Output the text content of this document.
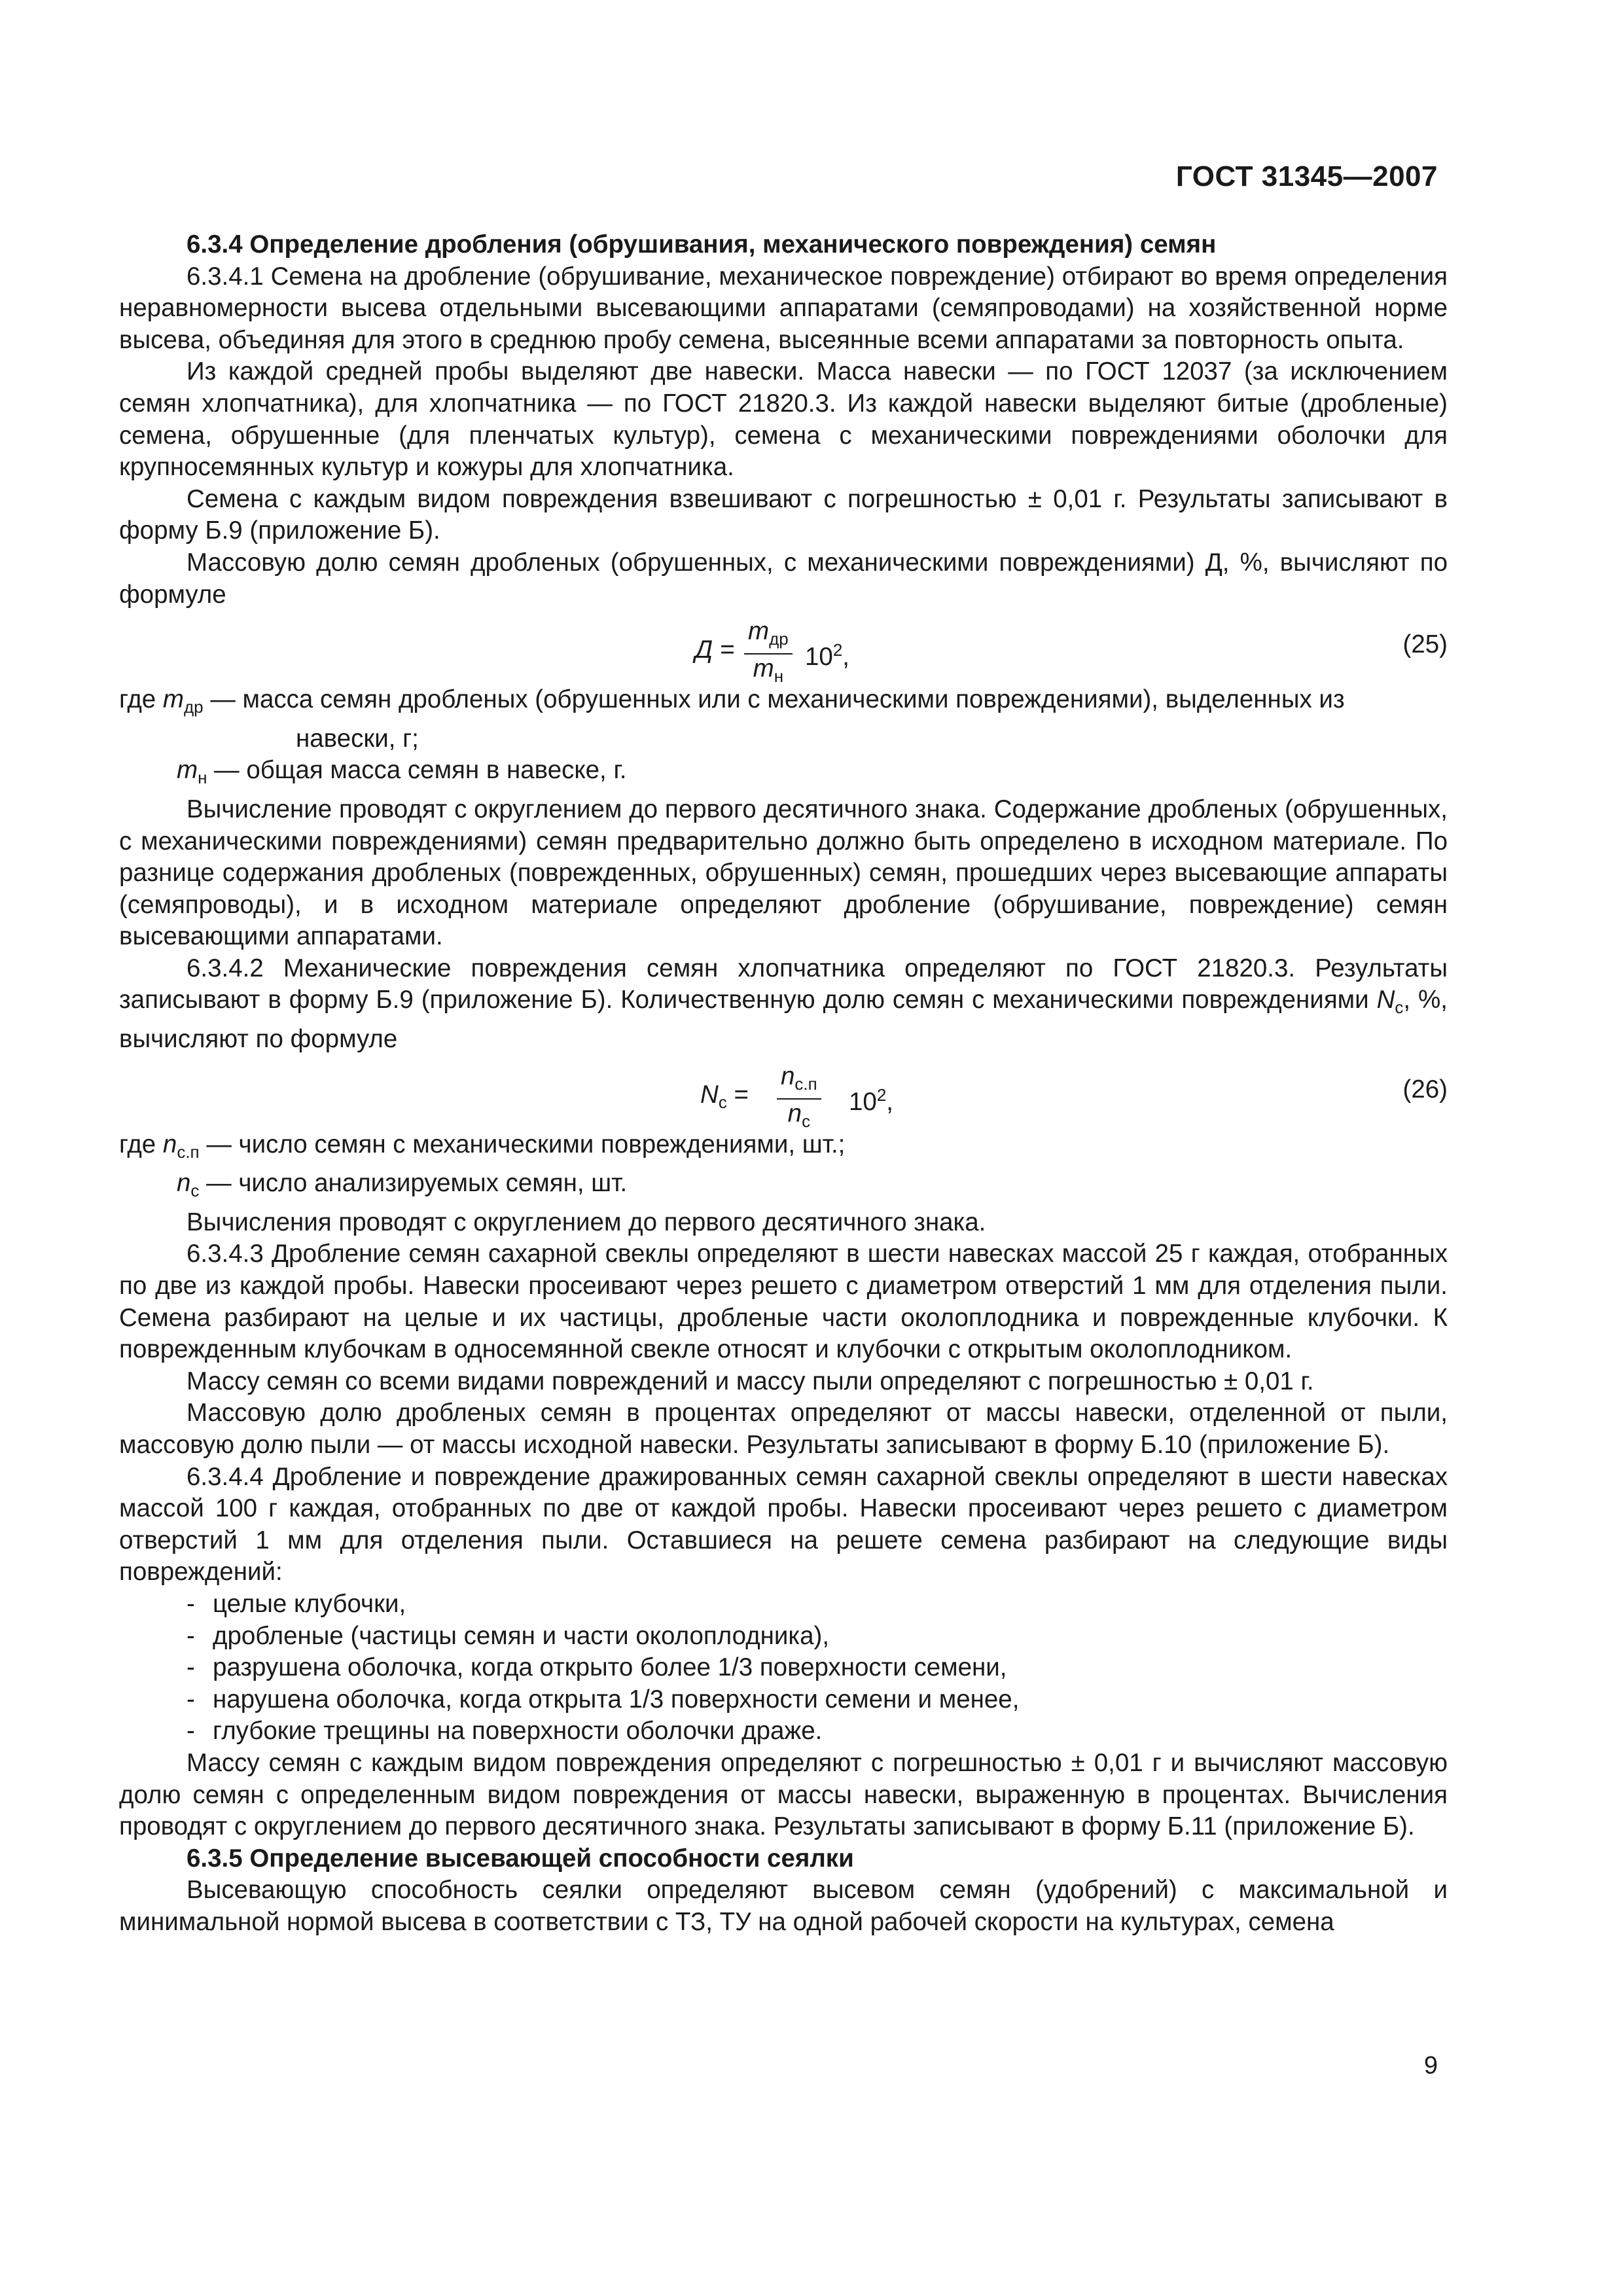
ГОСТ 31345—2007

6.3.4 Определение дробления (обрушивания, механического повреждения) семян

6.3.4.1 Семена на дробление (обрушивание, механическое повреждение) отбирают во время определения неравномерности высева отдельными высевающими аппаратами (семяпроводами) на хозяйственной норме высева, объединяя для этого в среднюю пробу семена, высеянные всеми аппаратами за повторность опыта.

Из каждой средней пробы выделяют две навески. Масса навески — по ГОСТ 12037 (за исключением семян хлопчатника), для хлопчатника — по ГОСТ 21820.3. Из каждой навески выделяют битые (дробленые) семена, обрушенные (для пленчатых культур), семена с механическими повреждениями оболочки для крупносемянных культур и кожуры для хлопчатника.

Семена с каждым видом повреждения взвешивают с погрешностью ± 0,01 г. Результаты записывают в форму Б.9 (приложение Б).

Массовую долю семян дробленых (обрушенных, с механическими повреждениями) Д, %, вычисляют по формуле

Д =
$m_{др}$
$m_н$
$10^2$,	(25)
где $m_{др}$ — масса семян дробленых (обрушенных или с механическими повреждениями), выделенных из
навески, г;
$m_н$ — общая масса семян в навеске, г.

Вычисление проводят с округлением до первого десятичного знака. Содержание дробленых (обрушенных, с механическими повреждениями) семян предварительно должно быть определено в исходном материале. По разнице содержания дробленых (поврежденных, обрушенных) семян, прошедших через высевающие аппараты (семяпроводы), и в исходном материале определяют дробление (обрушивание, повреждение) семян высевающими аппаратами.

6.3.4.2 Механические повреждения семян хлопчатника определяют по ГОСТ 21820.3. Результаты записывают в форму Б.9 (приложение Б). Количественную долю семян с механическими повреждениями $N_с$, %, вычисляют по формуле

$N_с$ =
$n_{с.п}$
$n_с$
$10^2$,	(26)
где $n_{с.п}$ — число семян с механическими повреждениями, шт.;
$n_с$ — число анализируемых семян, шт.

Вычисления проводят с округлением до первого десятичного знака.

6.3.4.3 Дробление семян сахарной свеклы определяют в шести навесках массой 25 г каждая, отобранных по две из каждой пробы. Навески просеивают через решето с диаметром отверстий 1 мм для отделения пыли. Семена разбирают на целые и их частицы, дробленые части околоплодника и поврежденные клубочки. К поврежденным клубочкам в односемянной свекле относят и клубочки с открытым околоплодником.

Массу семян со всеми видами повреждений и массу пыли определяют с погрешностью ± 0,01 г.

Массовую долю дробленых семян в процентах определяют от массы навески, отделенной от пыли, массовую долю пыли — от массы исходной навески. Результаты записывают в форму Б.10 (приложение Б).

6.3.4.4 Дробление и повреждение дражированных семян сахарной свеклы определяют в шести навесках массой 100 г каждая, отобранных по две от каждой пробы. Навески просеивают через решето с диаметром отверстий 1 мм для отделения пыли. Оставшиеся на решете семена разбирают на следующие виды повреждений:

- целые клубочки,
- дробленые (частицы семян и части околоплодника),
- разрушена оболочка, когда открыто более 1/3 поверхности семени,
- нарушена оболочка, когда открыта 1/3 поверхности семени и менее,
- глубокие трещины на поверхности оболочки драже.

Массу семян с каждым видом повреждения определяют с погрешностью ± 0,01 г и вычисляют массовую долю семян с определенным видом повреждения от массы навески, выраженную в процентах. Вычисления проводят с округлением до первого десятичного знака. Результаты записывают в форму Б.11 (приложение Б).

6.3.5 Определение высевающей способности сеялки

Высевающую способность сеялки определяют высевом семян (удобрений) с максимальной и минимальной нормой высева в соответствии с ТЗ, ТУ на одной рабочей скорости на культурах, семена

9
